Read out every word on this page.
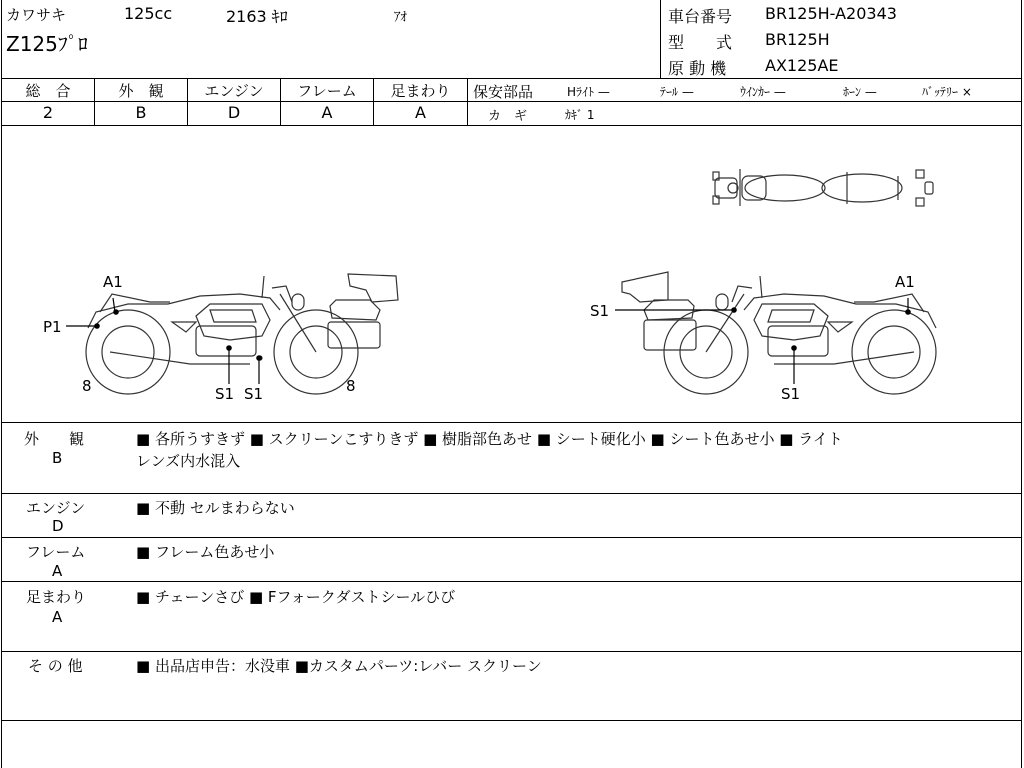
カワサキ	125cc	2163 ｷﾛ	ｱｵ
Z125ﾌﾟﾛ
車台番号 BR125H-A20343
型　　式 BR125H
原 動 機 AX125AE
総　合	外　観	エンジン	フレーム	足まわり
2	B	D	A	A
保安部品	Hﾗｲﾄ —	ﾃｰﾙ —	ｳｲﾝｶｰ —	ﾎｰﾝ —	ﾊﾞｯﾃﾘｰ ×
カ　ギ	ｶｷﾞ 1
A1
P1
8	8
S1 S1
S1
A1
S1
外　　観
B
■ 各所うすきず ■ スクリーンこすりきず ■ 樹脂部色あせ ■ シート硬化小 ■ シート色あせ小 ■ ライト
レンズ内水混入
エンジン
D
■ 不動 セルまわらない
フレーム
A
■ フレーム色あせ小
足まわり
A
■ チェーンさび ■ Fフォークダストシールひび
そ の 他	■ 出品店申告：水没車 ■カスタムパーツ:レバー スクリーン
